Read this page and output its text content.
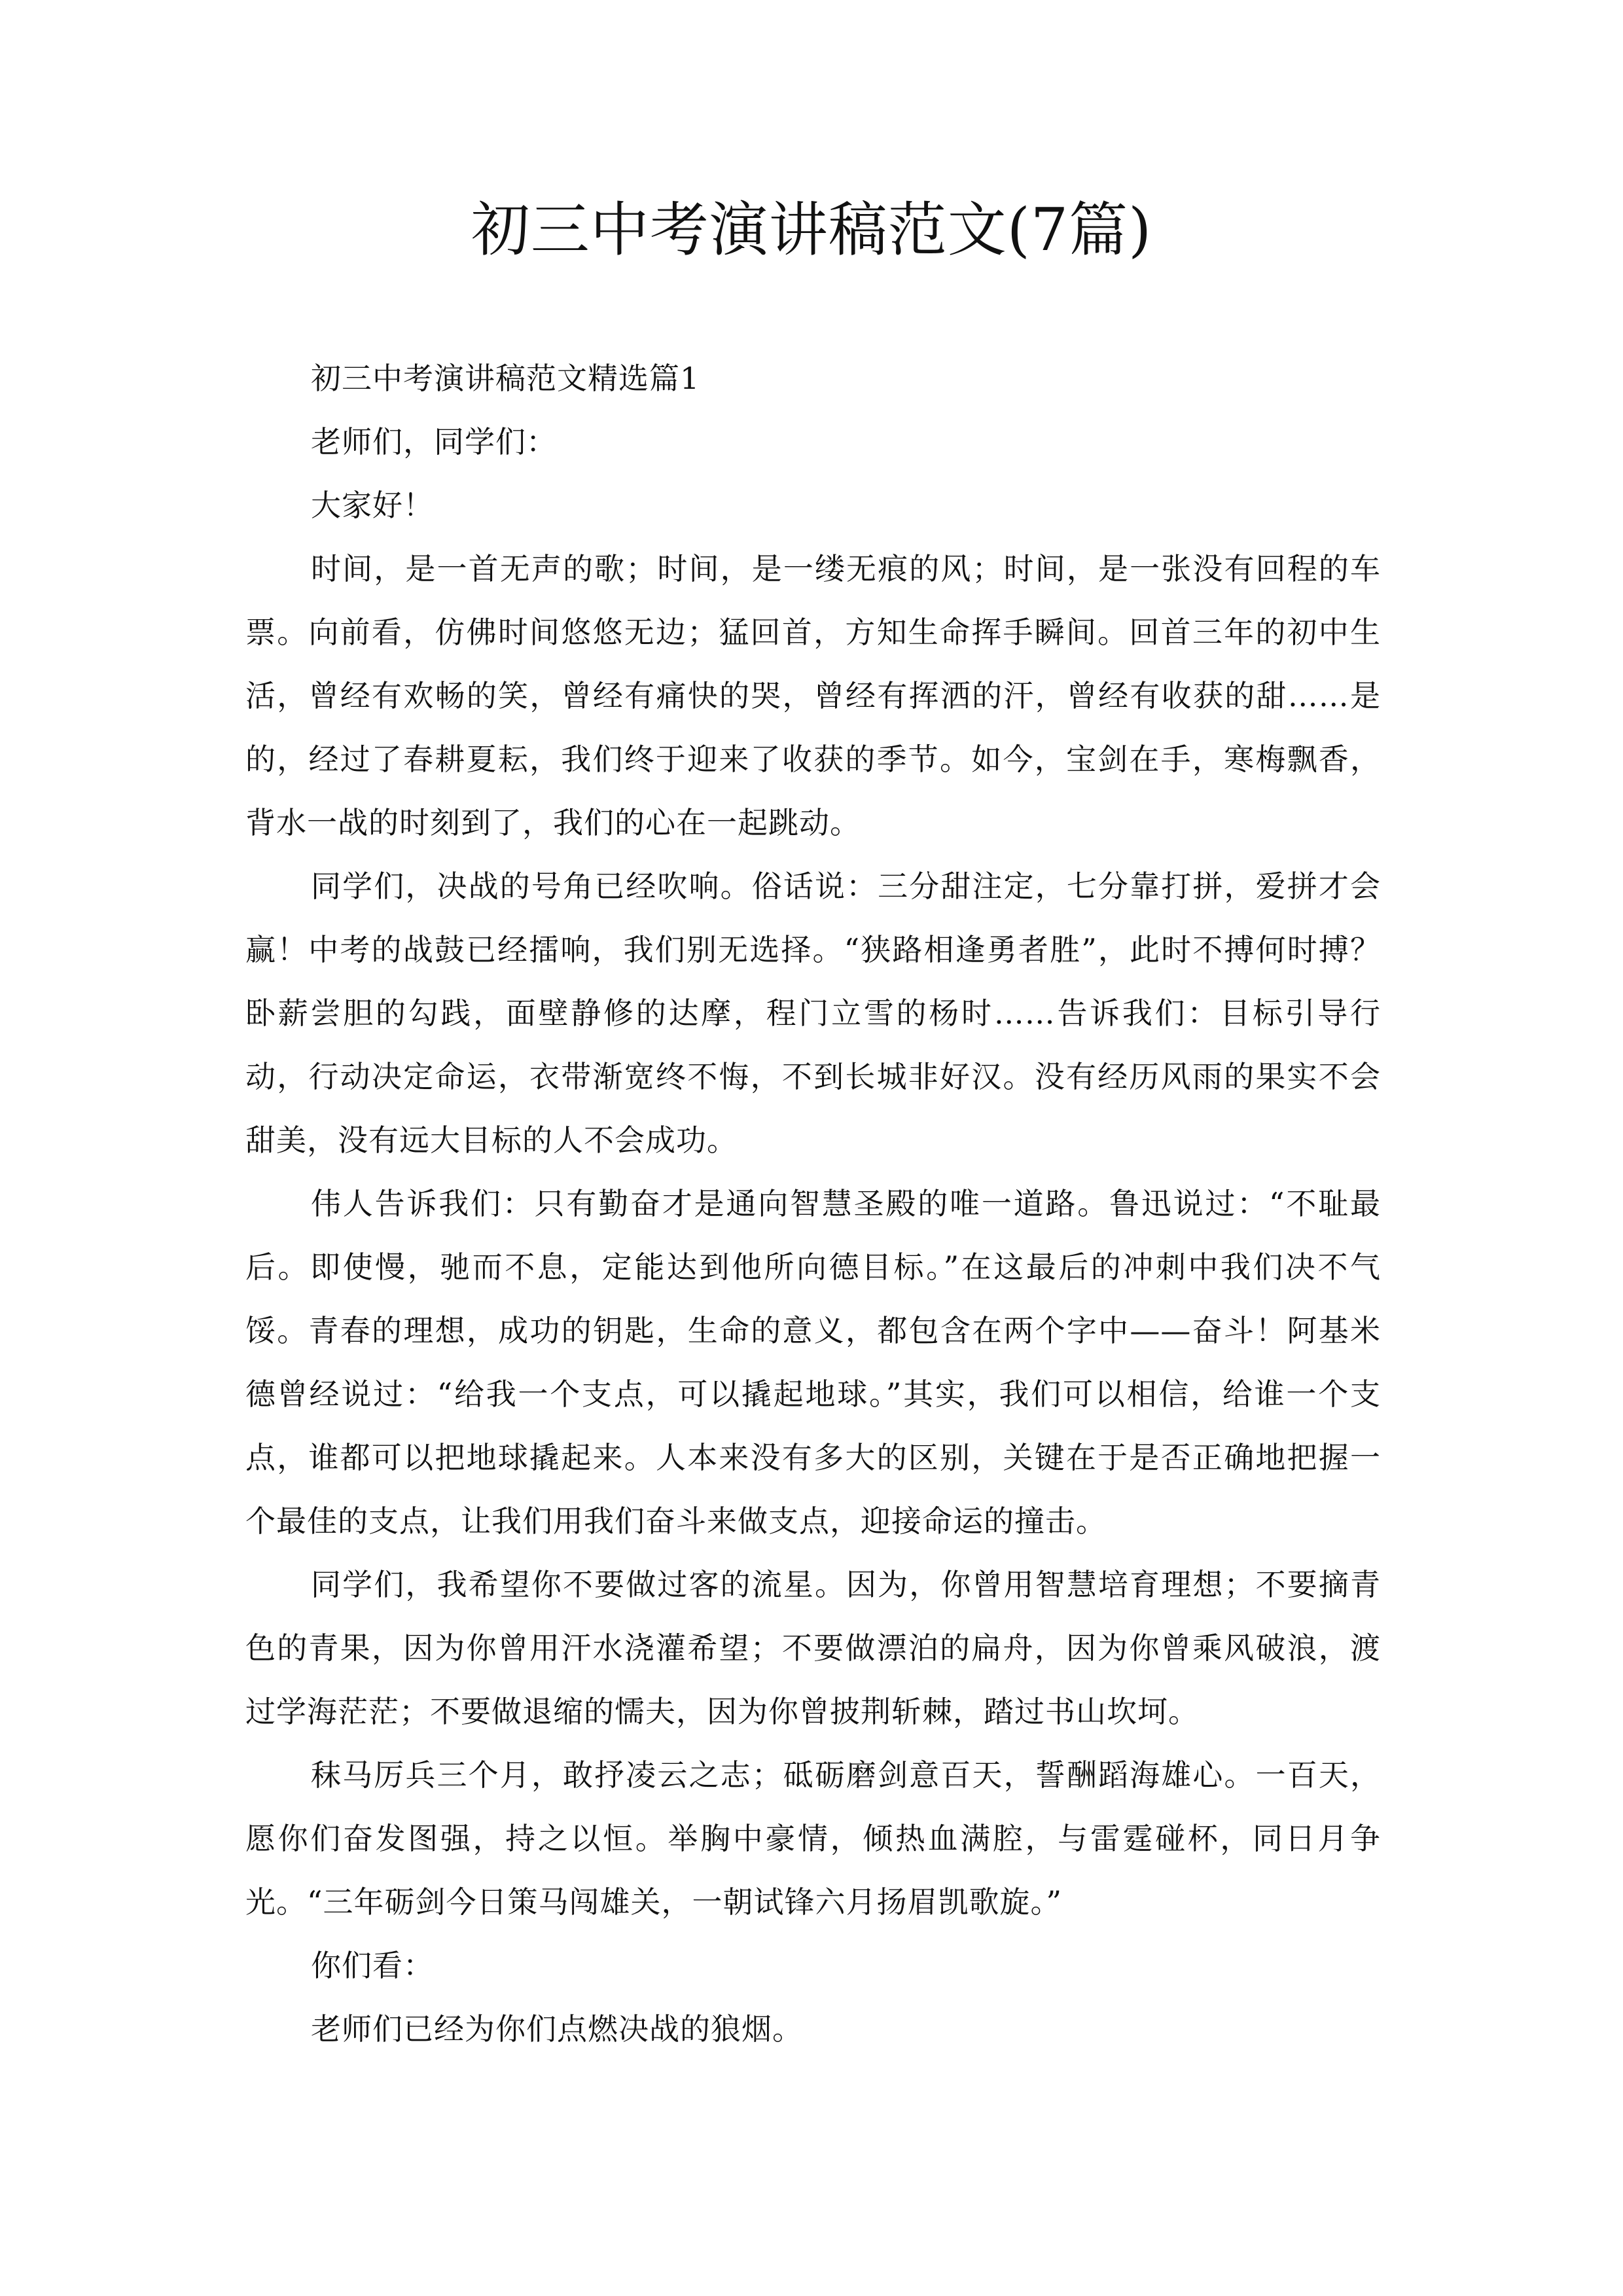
初三中考演讲稿范文(7篇)

初三中考演讲稿范文精选篇1

老师们，同学们：

大家好！

时间，是一首无声的歌；时间，是一缕无痕的风；时间，是一张没有回程的车票。向前看，仿佛时间悠悠无边；猛回首，方知生命挥手瞬间。回首三年的初中生活，曾经有欢畅的笑，曾经有痛快的哭，曾经有挥洒的汗，曾经有收获的甜……是的，经过了春耕夏耘，我们终于迎来了收获的季节。如今，宝剑在手，寒梅飘香，背水一战的时刻到了，我们的心在一起跳动。

同学们，决战的号角已经吹响。俗话说：三分甜注定，七分靠打拼，爱拼才会赢！中考的战鼓已经擂响，我们别无选择。“狭路相逢勇者胜”，此时不搏何时搏？卧薪尝胆的勾践，面壁静修的达摩，程门立雪的杨时……告诉我们：目标引导行动，行动决定命运，衣带渐宽终不悔，不到长城非好汉。没有经历风雨的果实不会甜美，没有远大目标的人不会成功。

伟人告诉我们：只有勤奋才是通向智慧圣殿的唯一道路。鲁迅说过：“不耻最后。即使慢，驰而不息，定能达到他所向德目标。”在这最后的冲刺中我们决不气馁。青春的理想，成功的钥匙，生命的意义，都包含在两个字中——奋斗！阿基米德曾经说过：“给我一个支点，可以撬起地球。”其实，我们可以相信，给谁一个支点，谁都可以把地球撬起来。人本来没有多大的区别，关键在于是否正确地把握一个最佳的支点，让我们用我们奋斗来做支点，迎接命运的撞击。

同学们，我希望你不要做过客的流星。因为，你曾用智慧培育理想；不要摘青色的青果，因为你曾用汗水浇灌希望；不要做漂泊的扁舟，因为你曾乘风破浪，渡过学海茫茫；不要做退缩的懦夫，因为你曾披荆斩棘，踏过书山坎坷。

秣马厉兵三个月，敢抒凌云之志；砥砺磨剑意百天，誓酬蹈海雄心。一百天，愿你们奋发图强，持之以恒。举胸中豪情，倾热血满腔，与雷霆碰杯，同日月争光。“三年砺剑今日策马闯雄关，一朝试锋六月扬眉凯歌旋。”

你们看：

老师们已经为你们点燃决战的狼烟。
